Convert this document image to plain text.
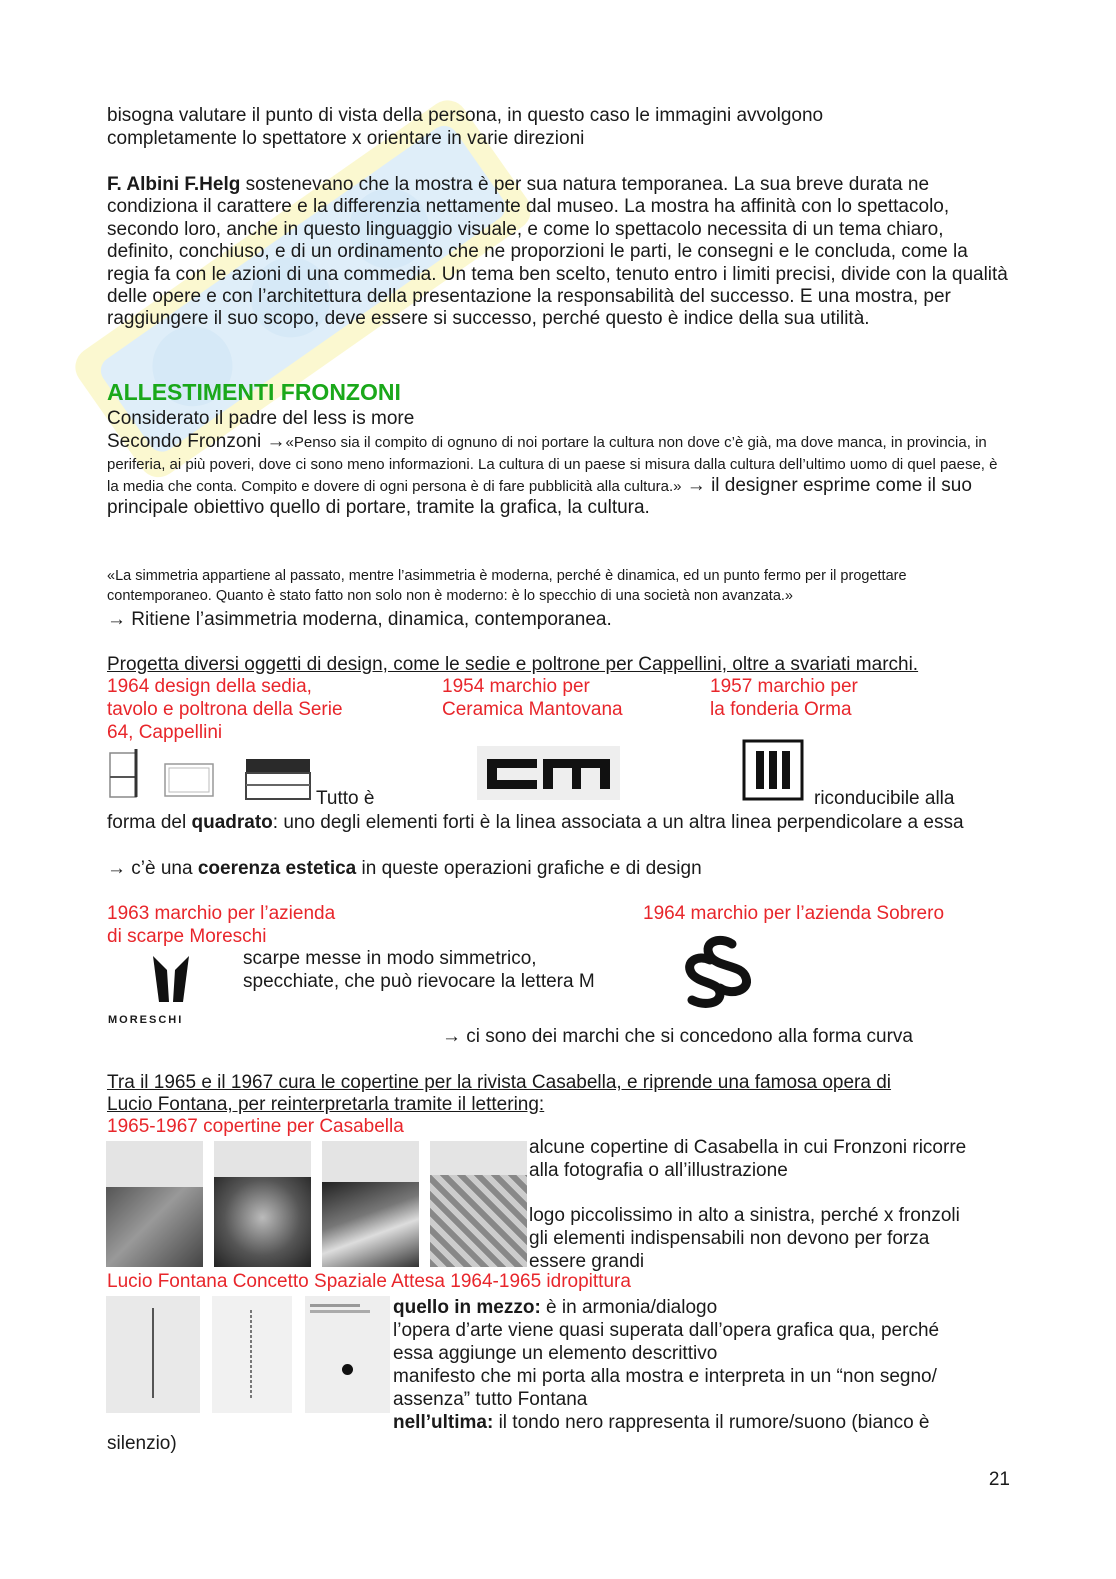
bisogna valutare il punto di vista della persona, in questo caso le immagini avvolgono

completamente lo spettatore x orientare in varie direzioni

F. Albini F.Helg sostenevano che la mostra è per sua natura temporanea. La sua breve durata ne condiziona il carattere e la differenzia nettamente dal museo. La mostra ha affinità con lo spettacolo, secondo loro, anche in questo linguaggio visuale, e come lo spettacolo necessita di un tema chiaro, definito, conchiuso, e di un ordinamento che ne proporzioni le parti, le consegni e le concluda, come la regia fa con le azioni di una commedia. Un tema ben scelto, tenuto entro i limiti precisi, divide con la qualità delle opere e con l’architettura della presentazione la responsabilità del successo. E una mostra, per raggiungere il suo scopo, deve essere si successo, perché questo è indice della sua utilità.

ALLESTIMENTI FRONZONI

Considerato il padre del less is more

Secondo Fronzoni →«Penso sia il compito di ognuno di noi portare la cultura non dove c’è già, ma dove manca, in provincia, in periferia, ai più poveri, dove ci sono meno informazioni. La cultura di un paese si misura dalla cultura dell’ultimo uomo di quel paese, è la media che conta. Compito e dovere di ogni persona è di fare pubblicità alla cultura.» → il designer esprime come il suo principale obiettivo quello di portare, tramite la grafica, la cultura.

«La simmetria appartiene al passato, mentre l’asimmetria è moderna, perché è dinamica, ed un punto fermo per il progettare contemporaneo. Quanto è stato fatto non solo non è moderno: è lo specchio di una società non avanzata.»

→ Ritiene l’asimmetria moderna, dinamica, contemporanea.

Progetta diversi oggetti di design, come le sedie e poltrone per Cappellini, oltre a svariati marchi.

1964 design della sedia,
tavolo e poltrona della Serie
64, Cappellini
1954 marchio per
Ceramica Mantovana
1957 marchio per
la fonderia Orma
Tutto è	riconducibile alla

forma del quadrato: uno degli elementi forti è la linea associata a un altra linea perpendicolare a essa

→ c’è una coerenza estetica in queste operazioni grafiche e di design

1963 marchio per l’azienda
di scarpe Moreschi
1964 marchio per l’azienda Sobrero
scarpe messe in modo simmetrico,
specchiate, che può rievocare la lettera M
MORESCHI
→ ci sono dei marchi che si concedono alla forma curva

Tra il 1965 e il 1967 cura le copertine per la rivista Casabella, e riprende una famosa opera di

Lucio Fontana, per reinterpretarla tramite il lettering:

1965-1967 copertine per Casabella

alcune copertine di Casabella in cui Fronzoni ricorre
alla fotografia o all’illustrazione
logo piccolissimo in alto a sinistra, perché x fronzoli
gli elementi indispensabili non devono per forza
essere grandi

Lucio Fontana Concetto Spaziale Attesa 1964-1965 idropittura

quello in mezzo: è in armonia/dialogo
l’opera d’arte viene quasi superata dall’opera grafica qua, perché
essa aggiunge un elemento descrittivo
manifesto che mi porta alla mostra e interpreta in un “non segno/
assenza” tutto Fontana
nell’ultima: il tondo nero rappresenta il rumore/suono (bianco è
silenzio)
21
